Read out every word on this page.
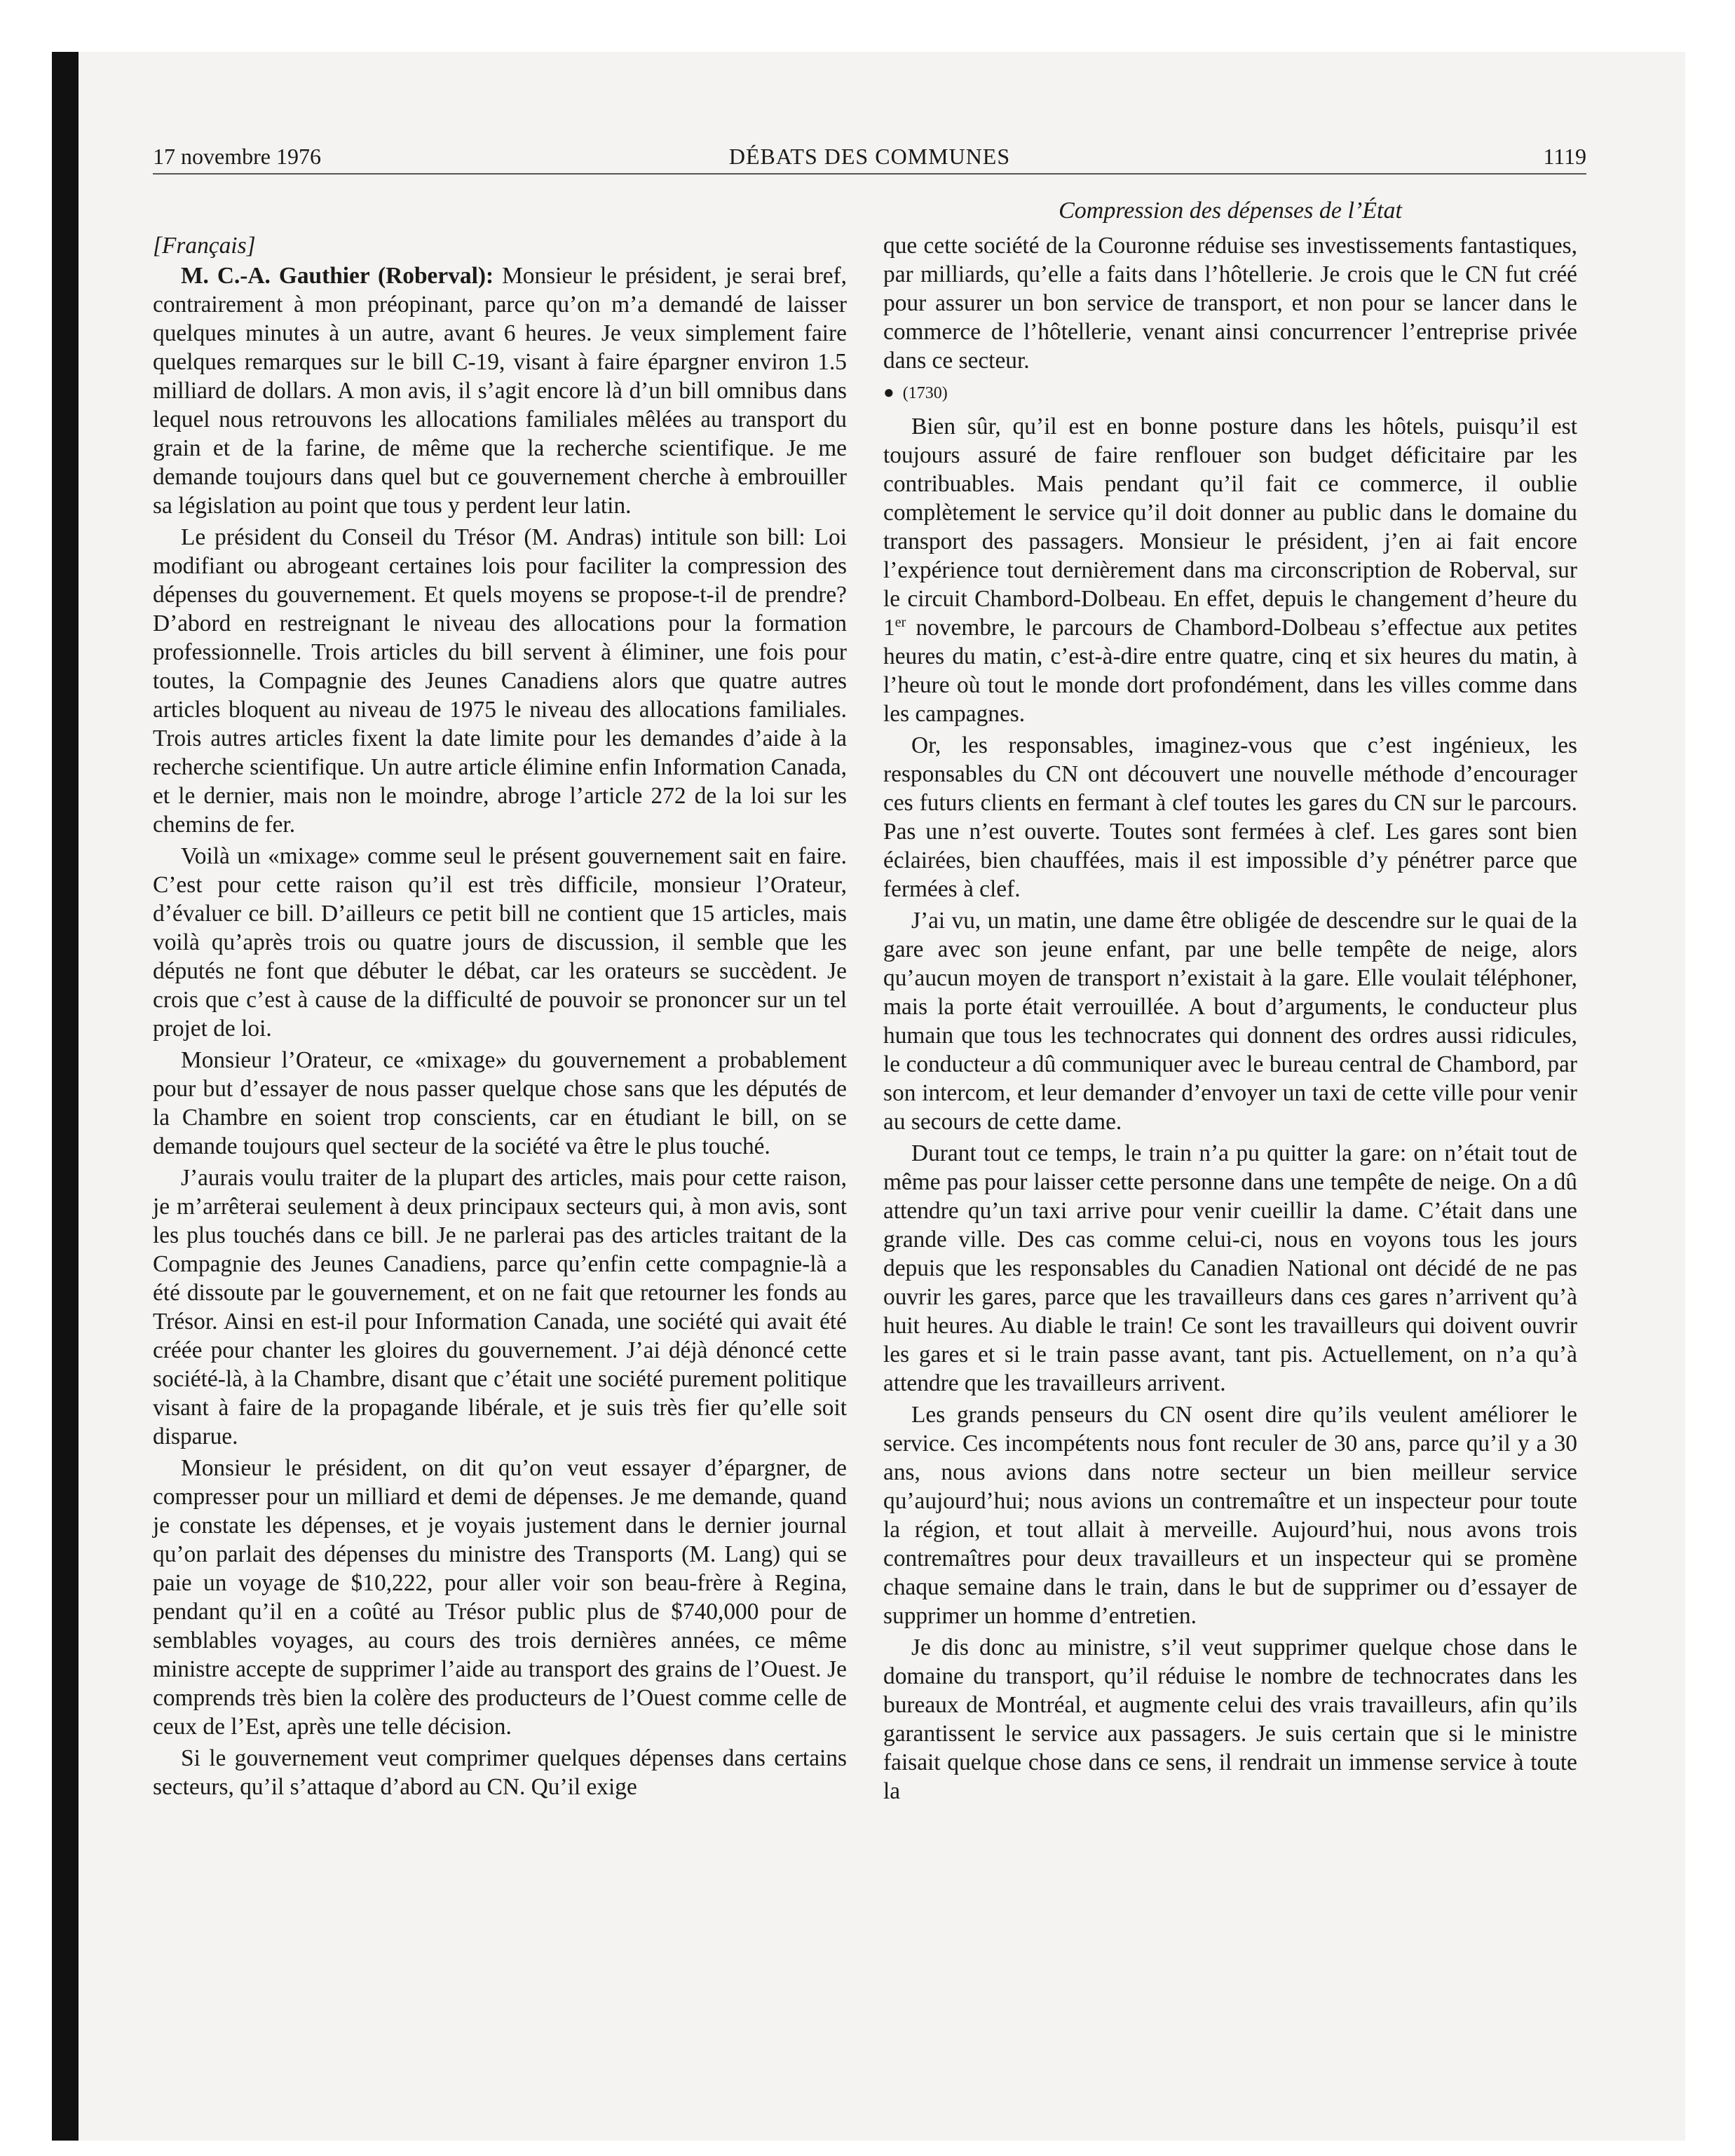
17 novembre 1976	DÉBATS DES COMMUNES	1119
[Français]

M. C.-A. Gauthier (Roberval): Monsieur le président, je serai bref, contrairement à mon préopinant, parce qu’on m’a demandé de laisser quelques minutes à un autre, avant 6 heures. Je veux simplement faire quelques remarques sur le bill C-19, visant à faire épargner environ 1.5 milliard de dollars. A mon avis, il s’agit encore là d’un bill omnibus dans lequel nous retrouvons les allocations familiales mêlées au transport du grain et de la farine, de même que la recherche scientifique. Je me demande toujours dans quel but ce gouvernement cherche à embrouiller sa législation au point que tous y perdent leur latin.

Le président du Conseil du Trésor (M. Andras) intitule son bill: Loi modifiant ou abrogeant certaines lois pour faciliter la compression des dépenses du gouvernement. Et quels moyens se propose-t-il de prendre? D’abord en restreignant le niveau des allocations pour la formation professionnelle. Trois articles du bill servent à éliminer, une fois pour toutes, la Compagnie des Jeunes Canadiens alors que quatre autres articles bloquent au niveau de 1975 le niveau des allocations familiales. Trois autres articles fixent la date limite pour les demandes d’aide à la recherche scientifique. Un autre article élimine enfin Information Canada, et le dernier, mais non le moindre, abroge l’article 272 de la loi sur les chemins de fer.

Voilà un «mixage» comme seul le présent gouvernement sait en faire. C’est pour cette raison qu’il est très difficile, monsieur l’Orateur, d’évaluer ce bill. D’ailleurs ce petit bill ne contient que 15 articles, mais voilà qu’après trois ou quatre jours de discussion, il semble que les députés ne font que débuter le débat, car les orateurs se succèdent. Je crois que c’est à cause de la difficulté de pouvoir se prononcer sur un tel projet de loi.

Monsieur l’Orateur, ce «mixage» du gouvernement a probablement pour but d’essayer de nous passer quelque chose sans que les députés de la Chambre en soient trop conscients, car en étudiant le bill, on se demande toujours quel secteur de la société va être le plus touché.

J’aurais voulu traiter de la plupart des articles, mais pour cette raison, je m’arrêterai seulement à deux principaux secteurs qui, à mon avis, sont les plus touchés dans ce bill. Je ne parlerai pas des articles traitant de la Compagnie des Jeunes Canadiens, parce qu’enfin cette compagnie-là a été dissoute par le gouvernement, et on ne fait que retourner les fonds au Trésor. Ainsi en est-il pour Information Canada, une société qui avait été créée pour chanter les gloires du gouvernement. J’ai déjà dénoncé cette société-là, à la Chambre, disant que c’était une société purement politique visant à faire de la propagande libérale, et je suis très fier qu’elle soit disparue.

Monsieur le président, on dit qu’on veut essayer d’épargner, de compresser pour un milliard et demi de dépenses. Je me demande, quand je constate les dépenses, et je voyais justement dans le dernier journal qu’on parlait des dépenses du ministre des Transports (M. Lang) qui se paie un voyage de $10,222, pour aller voir son beau-frère à Regina, pendant qu’il en a coûté au Trésor public plus de $740,000 pour de semblables voyages, au cours des trois dernières années, ce même ministre accepte de supprimer l’aide au transport des grains de l’Ouest. Je comprends très bien la colère des producteurs de l’Ouest comme celle de ceux de l’Est, après une telle décision.

Si le gouvernement veut comprimer quelques dépenses dans certains secteurs, qu’il s’attaque d’abord au CN. Qu’il exige

Compression des dépenses de l’État

que cette société de la Couronne réduise ses investissements fantastiques, par milliards, qu’elle a faits dans l’hôtellerie. Je crois que le CN fut créé pour assurer un bon service de transport, et non pour se lancer dans le commerce de l’hôtellerie, venant ainsi concurrencer l’entreprise privée dans ce secteur.

● (1730)

Bien sûr, qu’il est en bonne posture dans les hôtels, puisqu’il est toujours assuré de faire renflouer son budget déficitaire par les contribuables. Mais pendant qu’il fait ce commerce, il oublie complètement le service qu’il doit donner au public dans le domaine du transport des passagers. Monsieur le président, j’en ai fait encore l’expérience tout dernièrement dans ma circonscription de Roberval, sur le circuit Chambord-Dolbeau. En effet, depuis le changement d’heure du 1er novembre, le parcours de Chambord-Dolbeau s’effectue aux petites heures du matin, c’est-à-dire entre quatre, cinq et six heures du matin, à l’heure où tout le monde dort profondément, dans les villes comme dans les campagnes.

Or, les responsables, imaginez-vous que c’est ingénieux, les responsables du CN ont découvert une nouvelle méthode d’encourager ces futurs clients en fermant à clef toutes les gares du CN sur le parcours. Pas une n’est ouverte. Toutes sont fermées à clef. Les gares sont bien éclairées, bien chauffées, mais il est impossible d’y pénétrer parce que fermées à clef.

J’ai vu, un matin, une dame être obligée de descendre sur le quai de la gare avec son jeune enfant, par une belle tempête de neige, alors qu’aucun moyen de transport n’existait à la gare. Elle voulait téléphoner, mais la porte était verrouillée. A bout d’arguments, le conducteur plus humain que tous les technocrates qui donnent des ordres aussi ridicules, le conducteur a dû communiquer avec le bureau central de Chambord, par son intercom, et leur demander d’envoyer un taxi de cette ville pour venir au secours de cette dame.

Durant tout ce temps, le train n’a pu quitter la gare: on n’était tout de même pas pour laisser cette personne dans une tempête de neige. On a dû attendre qu’un taxi arrive pour venir cueillir la dame. C’était dans une grande ville. Des cas comme celui-ci, nous en voyons tous les jours depuis que les responsables du Canadien National ont décidé de ne pas ouvrir les gares, parce que les travailleurs dans ces gares n’arrivent qu’à huit heures. Au diable le train! Ce sont les travailleurs qui doivent ouvrir les gares et si le train passe avant, tant pis. Actuellement, on n’a qu’à attendre que les travailleurs arrivent.

Les grands penseurs du CN osent dire qu’ils veulent améliorer le service. Ces incompétents nous font reculer de 30 ans, parce qu’il y a 30 ans, nous avions dans notre secteur un bien meilleur service qu’aujourd’hui; nous avions un contremaître et un inspecteur pour toute la région, et tout allait à merveille. Aujourd’hui, nous avons trois contremaîtres pour deux travailleurs et un inspecteur qui se promène chaque semaine dans le train, dans le but de supprimer ou d’essayer de supprimer un homme d’entretien.

Je dis donc au ministre, s’il veut supprimer quelque chose dans le domaine du transport, qu’il réduise le nombre de technocrates dans les bureaux de Montréal, et augmente celui des vrais travailleurs, afin qu’ils garantissent le service aux passagers. Je suis certain que si le ministre faisait quelque chose dans ce sens, il rendrait un immense service à toute la
